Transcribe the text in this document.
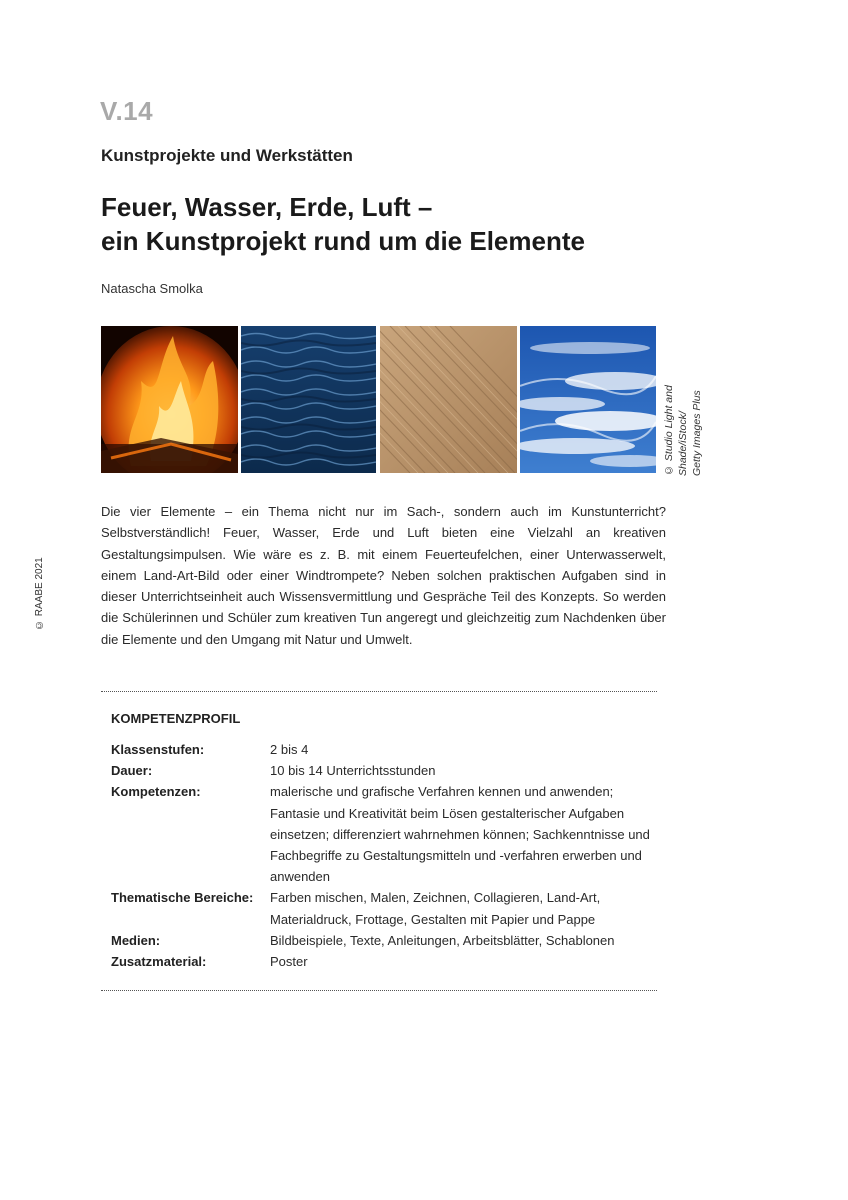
V.14
Kunstprojekte und Werkstätten
Feuer, Wasser, Erde, Luft –
ein Kunstprojekt rund um die Elemente
Natascha Smolka
© Studio Light and Shade/iStock/ Getty Images Plus
© RAABE 2021
Die vier Elemente – ein Thema nicht nur im Sach-, sondern auch im Kunstunterricht? Selbstverständlich! Feuer, Wasser, Erde und Luft bieten eine Vielzahl an kreativen Gestaltungsimpulsen. Wie wäre es z. B. mit einem Feuerteufelchen, einer Unterwasserwelt, einem Land-Art-Bild oder einer Windtrompete? Neben solchen praktischen Aufgaben sind in dieser Unterrichtseinheit auch Wissensvermittlung und Gespräche Teil des Konzepts. So werden die Schülerinnen und Schüler zum kreativen Tun angeregt und gleichzeitig zum Nachdenken über die Elemente und den Umgang mit Natur und Umwelt.
KOMPETENZPROFIL
Klassenstufen:	2 bis 4
Dauer:	10 bis 14 Unterrichtsstunden
Kompetenzen:	malerische und grafische Verfahren kennen und anwenden; Fantasie und Kreativität beim Lösen gestalterischer Aufgaben einsetzen; differenziert wahrnehmen können; Sachkenntnisse und Fachbegriffe zu Gestaltungsmitteln und -verfahren erwerben und anwenden
Thematische Bereiche:	Farben mischen, Malen, Zeichnen, Collagieren, Land-Art, Materialdruck, Frottage, Gestalten mit Papier und Pappe
Medien:	Bildbeispiele, Texte, Anleitungen, Arbeitsblätter, Schablonen
Zusatzmaterial:	Poster
